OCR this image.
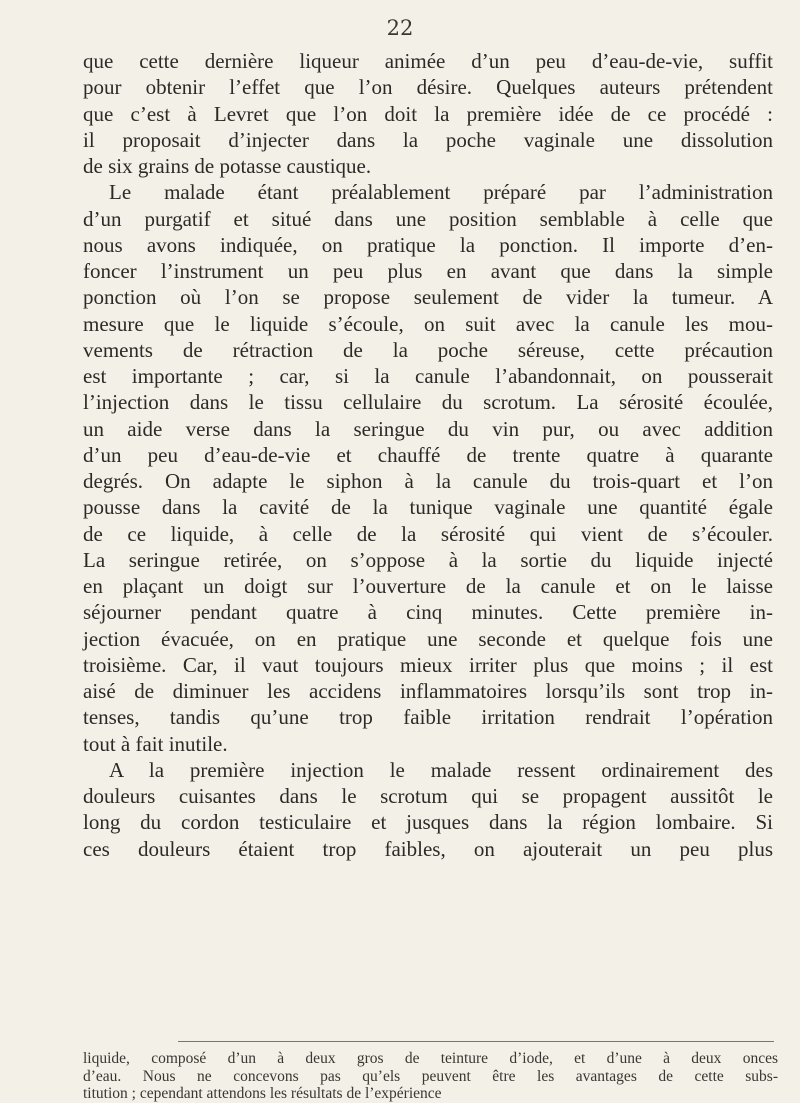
22
que cette dernière liqueur animée d’un peu d’eau-de-vie, suffit
pour obtenir l’effet que l’on désire. Quelques auteurs prétendent
que c’est à Levret que l’on doit la première idée de ce procédé :
il proposait d’injecter dans la poche vaginale une dissolution
de six grains de potasse caustique.
Le malade étant préalablement préparé par l’administration
d’un purgatif et situé dans une position semblable à celle que
nous avons indiquée, on pratique la ponction. Il importe d’en-
foncer l’instrument un peu plus en avant que dans la simple
ponction où l’on se propose seulement de vider la tumeur. A
mesure que le liquide s’écoule, on suit avec la canule les mou-
vements de rétraction de la poche séreuse, cette précaution
est importante ; car, si la canule l’abandonnait, on pousserait
l’injection dans le tissu cellulaire du scrotum. La sérosité écoulée,
un aide verse dans la seringue du vin pur, ou avec addition
d’un peu d’eau-de-vie et chauffé de trente quatre à quarante
degrés. On adapte le siphon à la canule du trois-quart et l’on
pousse dans la cavité de la tunique vaginale une quantité égale
de ce liquide, à celle de la sérosité qui vient de s’écouler.
La seringue retirée, on s’oppose à la sortie du liquide injecté
en plaçant un doigt sur l’ouverture de la canule et on le laisse
séjourner pendant quatre à cinq minutes. Cette première in-
jection évacuée, on en pratique une seconde et quelque fois une
troisième. Car, il vaut toujours mieux irriter plus que moins ; il est
aisé de diminuer les accidens inflammatoires lorsqu’ils sont trop in-
tenses, tandis qu’une trop faible irritation rendrait l’opération
tout à fait inutile.
A la première injection le malade ressent ordinairement des
douleurs cuisantes dans le scrotum qui se propagent aussitôt le
long du cordon testiculaire et jusques dans la région lombaire. Si
ces douleurs étaient trop faibles, on ajouterait un peu plus
liquide, composé d’un à deux gros de teinture d’iode, et d’une à deux onces
d’eau. Nous ne concevons pas qu’els peuvent être les avantages de cette subs-
titution ; cependant attendons les résultats de l’expérience
